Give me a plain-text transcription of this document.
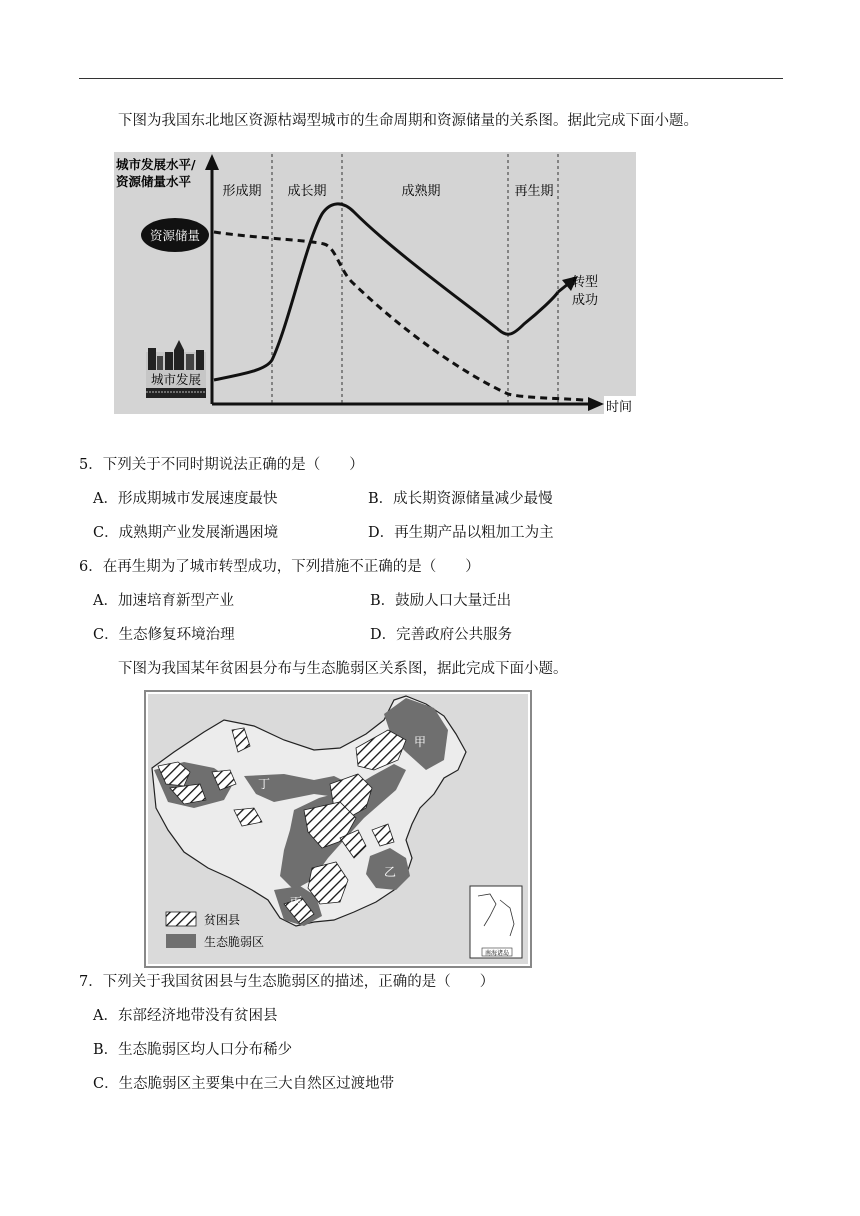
下图为我国东北地区资源枯竭型城市的生命周期和资源储量的关系图。据此完成下面小题。
形成期 成长期	成熟期	再生期
城市发展水平/
资源储量水平
资源储量
城市发展
转型
成功
时间
5．下列关于不同时期说法正确的是（　　）
A．形成期城市发展速度最快	B．成长期资源储量减少最慢
C．成熟期产业发展渐遇困境	D．再生期产品以粗加工为主
6．在再生期为了城市转型成功，下列措施不正确的是（　　）
A．加速培育新型产业	B．鼓励人口大量迁出
C．生态修复环境治理	D．完善政府公共服务
下图为我国某年贫困县分布与生态脆弱区关系图，据此完成下面小题。
甲
乙
丙
丁
贫困县
生态脆弱区
南海诸岛
7．下列关于我国贫困县与生态脆弱区的描述，正确的是（　　）
A．东部经济地带没有贫困县
B．生态脆弱区均人口分布稀少
C．生态脆弱区主要集中在三大自然区过渡地带
